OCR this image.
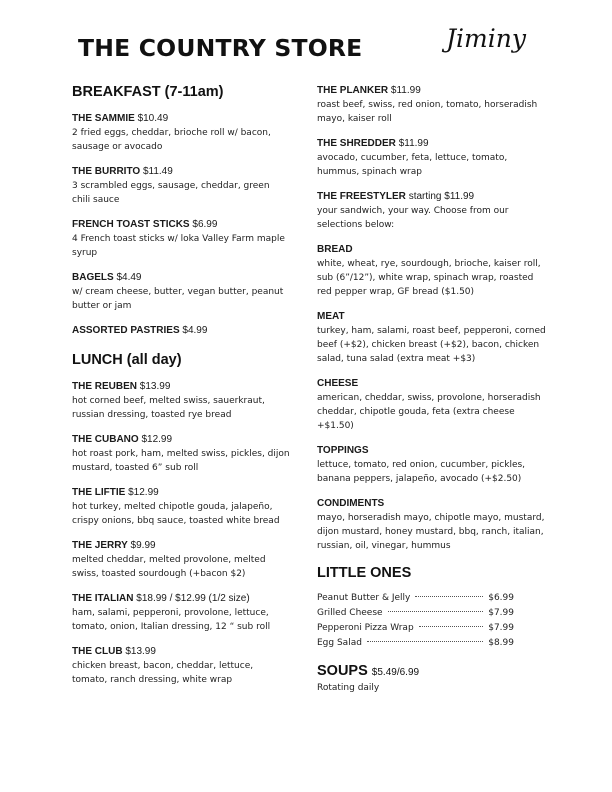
THE COUNTRY STORE	Jiminy
BREAKFAST (7-11am)
THE SAMMIE $10.49
2 fried eggs, cheddar, brioche roll w/ bacon, sausage or avocado
THE BURRITO $11.49
3 scrambled eggs, sausage, cheddar, green chili sauce
FRENCH TOAST STICKS $6.99
4 French toast sticks w/ loka Valley Farm maple syrup
BAGELS $4.49
w/ cream cheese, butter, vegan butter, peanut butter or jam
ASSORTED PASTRIES $4.99
LUNCH (all day)
THE REUBEN $13.99
hot corned beef, melted swiss, sauerkraut, russian dressing, toasted rye bread
THE CUBANO $12.99
hot roast pork, ham, melted swiss, pickles, dijon mustard, toasted 6” sub roll
THE LIFTIE $12.99
hot turkey, melted chipotle gouda, jalapeño, crispy onions, bbq sauce, toasted white bread
THE JERRY $9.99
melted cheddar, melted provolone, melted swiss, toasted sourdough (+bacon $2)
THE ITALIAN $18.99 / $12.99 (1/2 size)
ham, salami, pepperoni, provolone, lettuce, tomato, onion, Italian dressing, 12 “ sub roll
THE CLUB $13.99
chicken breast, bacon, cheddar, lettuce, tomato, ranch dressing, white wrap
THE PLANKER $11.99
roast beef, swiss, red onion, tomato, horseradish mayo, kaiser roll
THE SHREDDER $11.99
avocado, cucumber, feta, lettuce, tomato, hummus, spinach wrap
THE FREESTYLER starting $11.99
your sandwich, your way. Choose from our selections below:
BREAD
white, wheat, rye, sourdough, brioche, kaiser roll, sub (6”/12”), white wrap, spinach wrap, roasted red pepper wrap, GF bread ($1.50)
MEAT
turkey, ham, salami, roast beef, pepperoni, corned beef (+$2), chicken breast (+$2), bacon, chicken salad, tuna salad (extra meat +$3)
CHEESE
american, cheddar, swiss, provolone, horseradish cheddar, chipotle gouda, feta (extra cheese +$1.50)
TOPPINGS
lettuce, tomato, red onion, cucumber, pickles, banana peppers, jalapeño, avocado (+$2.50)
CONDIMENTS
mayo, horseradish mayo, chipotle mayo, mustard, dijon mustard, honey mustard, bbq, ranch, italian, russian, oil, vinegar, hummus
LITTLE ONES
Peanut Butter & Jelly	$6.99
Grilled Cheese	$7.99
Pepperoni Pizza Wrap	$7.99
Egg Salad	$8.99
SOUPS $5.49/6.99
Rotating daily
